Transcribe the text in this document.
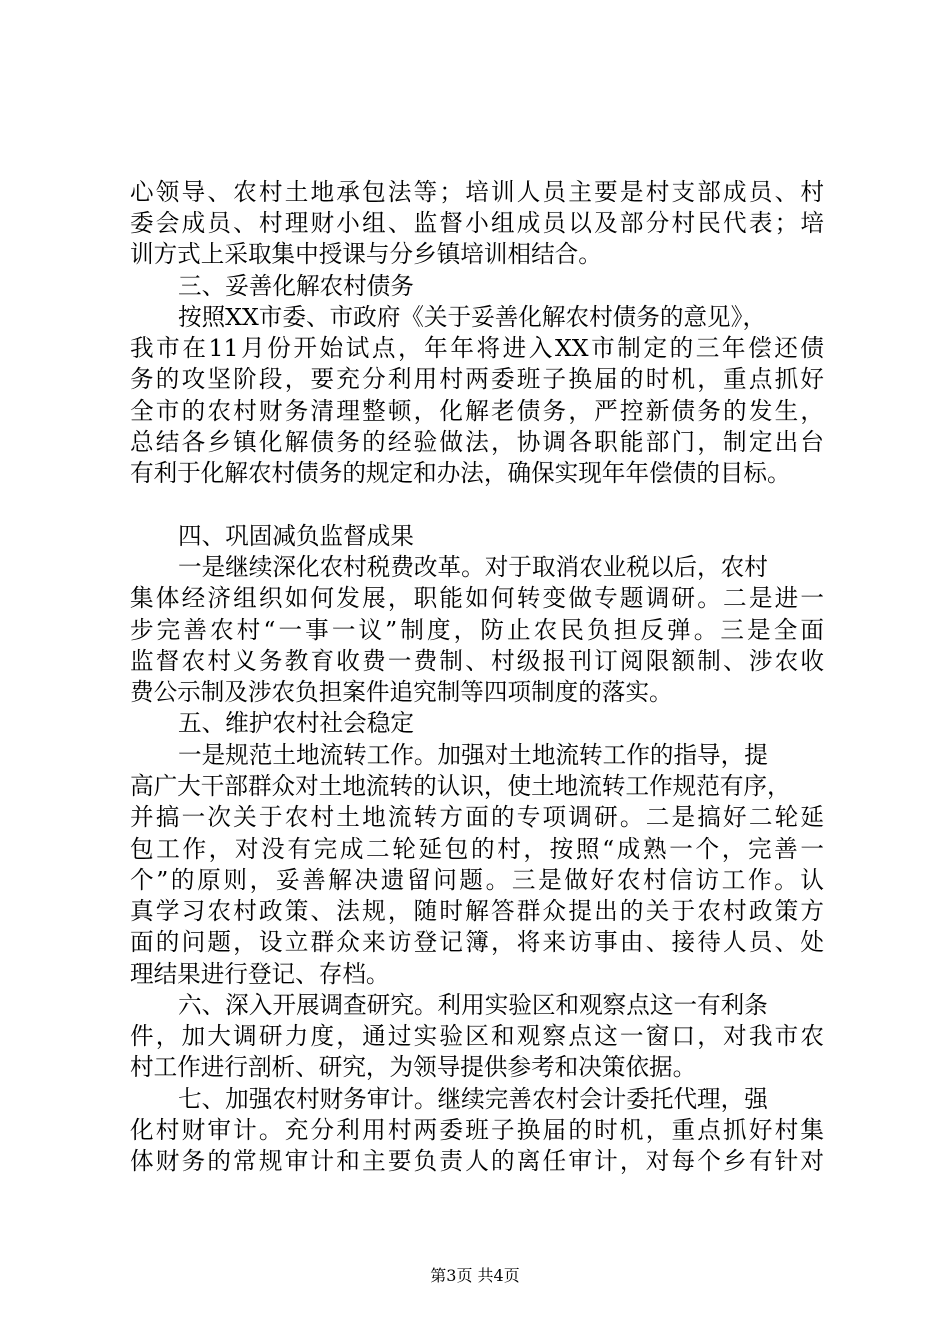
心领导、农村土地承包法等；培训人员主要是村支部成员、村
委会成员、村理财小组、监督小组成员以及部分村民代表；培
训方式上采取集中授课与分乡镇培训相结合。
三、妥善化解农村债务
按照XX市委、市政府《关于妥善化解农村债务的意见》，
我市在11月份开始试点，年年将进入XX市制定的三年偿还债
务的攻坚阶段，要充分利用村两委班子换届的时机，重点抓好
全市的农村财务清理整顿，化解老债务，严控新债务的发生，
总结各乡镇化解债务的经验做法，协调各职能部门，制定出台
有利于化解农村债务的规定和办法，确保实现年年偿债的目标。
四、巩固减负监督成果
一是继续深化农村税费改革。对于取消农业税以后，农村
集体经济组织如何发展，职能如何转变做专题调研。二是进一
步完善农村“一事一议”制度，防止农民负担反弹。三是全面
监督农村义务教育收费一费制、村级报刊订阅限额制、涉农收
费公示制及涉农负担案件追究制等四项制度的落实。
五、维护农村社会稳定
一是规范土地流转工作。加强对土地流转工作的指导，提
高广大干部群众对土地流转的认识，使土地流转工作规范有序，
并搞一次关于农村土地流转方面的专项调研。二是搞好二轮延
包工作，对没有完成二轮延包的村，按照“成熟一个，完善一
个”的原则，妥善解决遗留问题。三是做好农村信访工作。认
真学习农村政策、法规，随时解答群众提出的关于农村政策方
面的问题，设立群众来访登记簿，将来访事由、接待人员、处
理结果进行登记、存档。
六、深入开展调查研究。利用实验区和观察点这一有利条
件，加大调研力度，通过实验区和观察点这一窗口，对我市农
村工作进行剖析、研究，为领导提供参考和决策依据。
七、加强农村财务审计。继续完善农村会计委托代理，强
化村财审计。充分利用村两委班子换届的时机，重点抓好村集
体财务的常规审计和主要负责人的离任审计，对每个乡有针对
第3页 共4页
